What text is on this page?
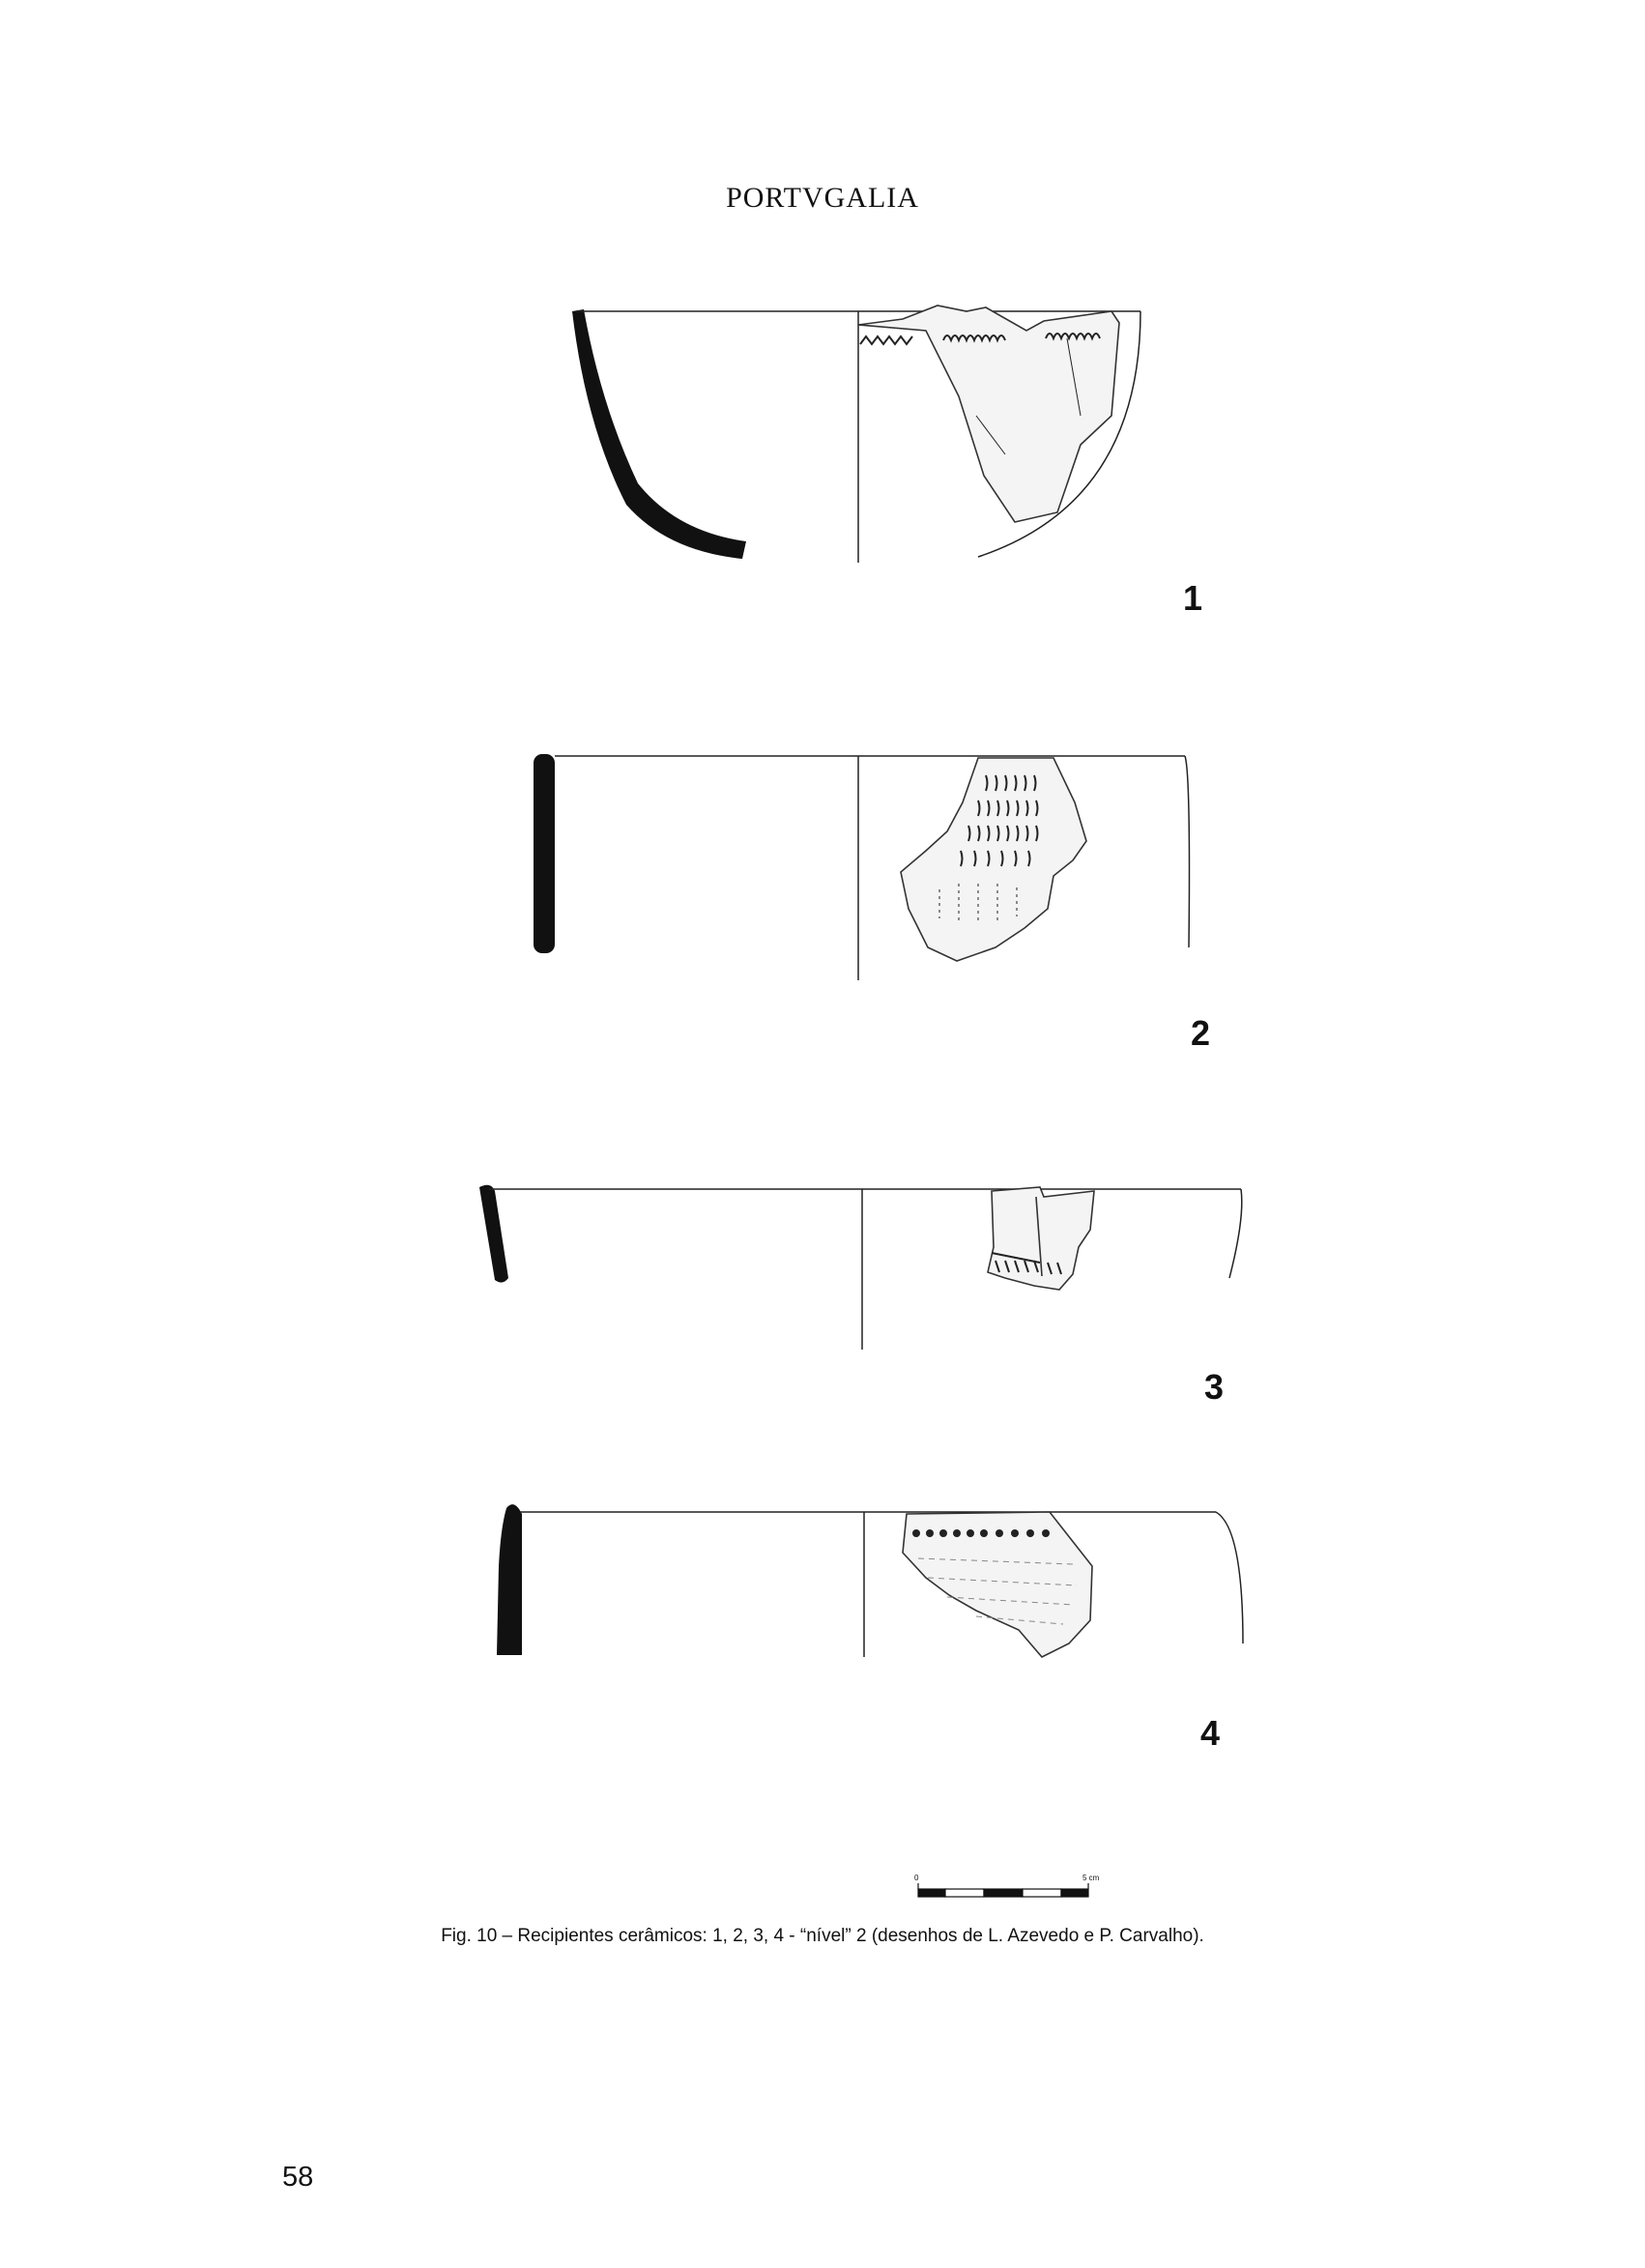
PORTVGALIA
1
2
3
4
0	5 cm
Fig. 10 – Recipientes cerâmicos: 1, 2, 3, 4 - “nível” 2 (desenhos de L. Azevedo e P. Carvalho).
58
